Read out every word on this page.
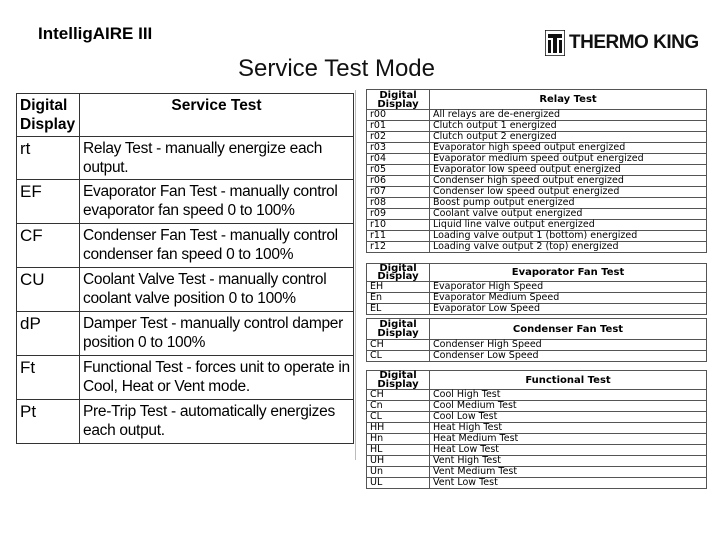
IntelligAIRE III
Service Test Mode
THERMO KING
Digital Display	Service Test
rt	Relay Test - manually energize each output.
EF	Evaporator Fan Test - manually control evaporator fan speed 0 to 100%
CF	Condenser Fan Test - manually control condenser fan speed 0 to 100%
CU	Coolant Valve Test - manually control coolant valve position 0 to 100%
dP	Damper Test - manually control damper position 0 to 100%
Ft	Functional Test - forces unit to operate in Cool, Heat or Vent mode.
Pt	Pre-Trip Test - automatically energizes each output.
Digital Display	Relay Test
r00	All relays are de-energized
r01	Clutch output 1 energized
r02	Clutch output 2 energized
r03	Evaporator high speed output energized
r04	Evaporator medium speed output energized
r05	Evaporator low speed output energized
r06	Condenser high speed output energized
r07	Condenser low speed output energized
r08	Boost pump output energized
r09	Coolant valve output energized
r10	Liquid line valve output energized
r11	Loading valve output 1 (bottom) energized
r12	Loading valve output 2 (top) energized
Digital Display	Evaporator Fan Test
EH	Evaporator High Speed
En	Evaporator Medium Speed
EL	Evaporator Low Speed
Digital Display	Condenser Fan Test
CH	Condenser High Speed
CL	Condenser Low Speed
Digital Display	Functional Test
CH	Cool High Test
Cn	Cool Medium Test
CL	Cool Low Test
HH	Heat High Test
Hn	Heat Medium Test
HL	Heat Low Test
UH	Vent High Test
Un	Vent Medium Test
UL	Vent Low Test
